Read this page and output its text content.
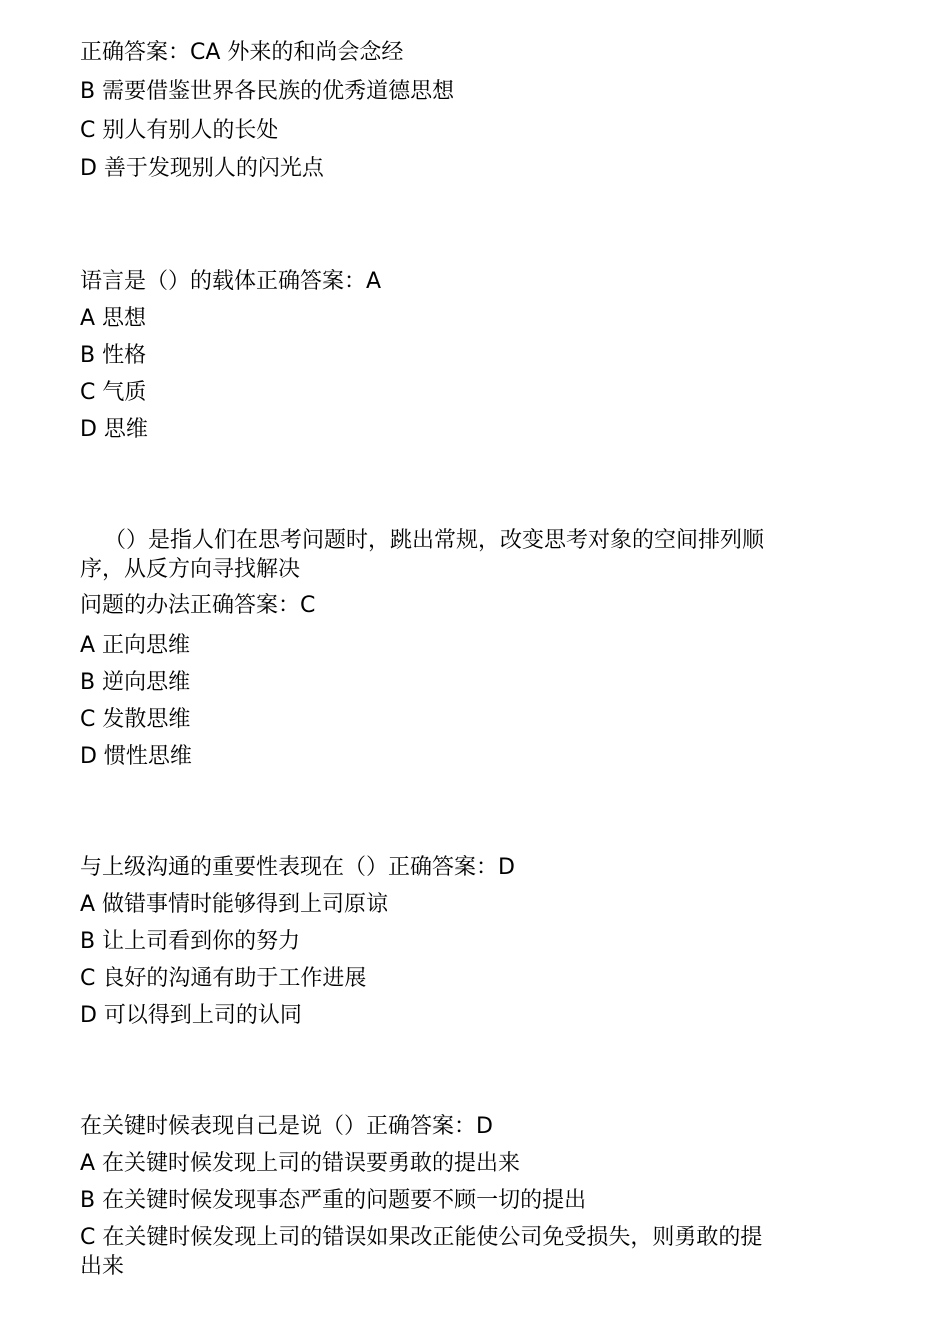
正确答案：CA 外来的和尚会念经
B 需要借鉴世界各民族的优秀道德思想
C 别人有别人的长处
D 善于发现别人的闪光点
语言是（）的载体正确答案：A
A 思想
B 性格
C 气质
D 思维
（）是指人们在思考问题时，跳出常规，改变思考对象的空间排列顺
序，从反方向寻找解决
问题的办法正确答案：C
A 正向思维
B 逆向思维
C 发散思维
D 惯性思维
与上级沟通的重要性表现在（）正确答案：D
A 做错事情时能够得到上司原谅
B 让上司看到你的努力
C 良好的沟通有助于工作进展
D 可以得到上司的认同
在关键时候表现自己是说（）正确答案：D
A 在关键时候发现上司的错误要勇敢的提出来
B 在关键时候发现事态严重的问题要不顾一切的提出
C 在关键时候发现上司的错误如果改正能使公司免受损失，则勇敢的提
出来
